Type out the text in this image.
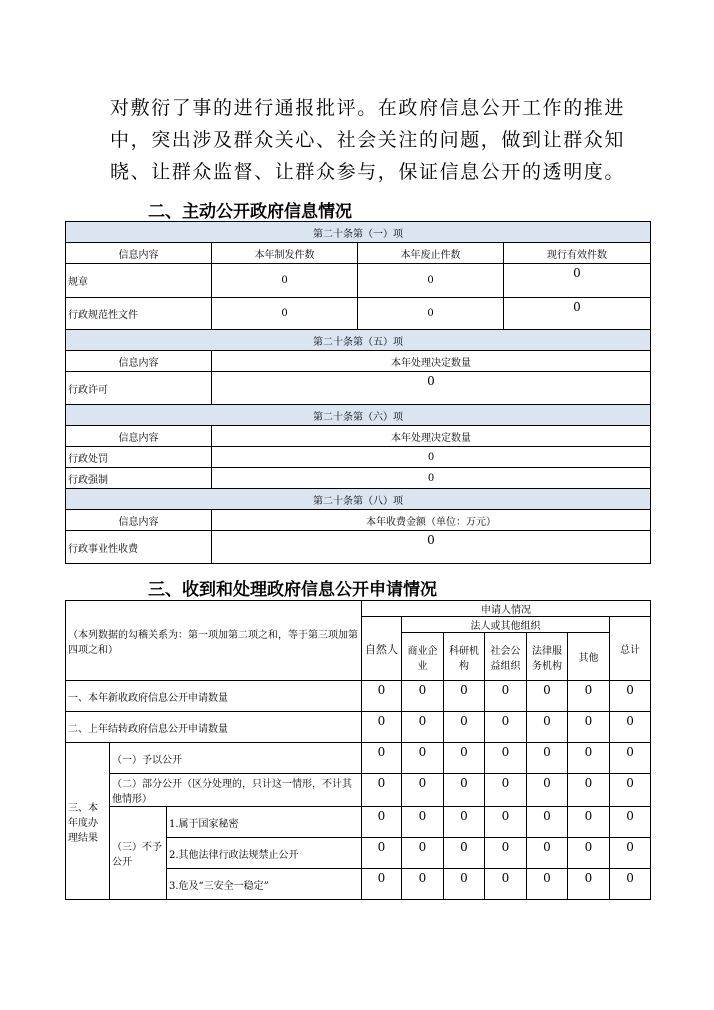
对敷衍了事的进行通报批评。在政府信息公开工作的推进
中，突出涉及群众关心、社会关注的问题，做到让群众知
晓、让群众监督、让群众参与，保证信息公开的透明度。
二、主动公开政府信息情况
第二十条第（一）项			
信息内容	本年制发件数	本年废止件数	现行有效件数
规章	0	0	0
行政规范性文件	0	0	0
第二十条第（五）项			
信息内容	本年处理决定数量		
行政许可	0		
第二十条第（六）项			
信息内容	本年处理决定数量		
行政处罚	0		
行政强制	0		
第二十条第（八）项			
信息内容	本年收费金额（单位：万元）		
行政事业性收费	0		
三、收到和处理政府信息公开申请情况
（本列数据的勾稽关系为：第一项加第二项之和，等于第三项加第四项之和）			申请人情况						
			自然人	法人或其他组织					总计
				商业企业	科研机构	社会公益组织	法律服务机构	其他	

一、本年新收政府信息公开申请数量			0	0	0	0	0	0	0
二、上年结转政府信息公开申请数量			0	0	0	0	0	0	0
三、本年度办理结果	（一）予以公开		0	0	0	0	0	0	0
	（二）部分公开（区分处理的，只计这一情形，不计其他情形）		0	0	0	0	0	0	0
	（三）不予公开	1.属于国家秘密	0	0	0	0	0	0	0
		2.其他法律行政法规禁止公开	0	0	0	0	0	0	0
		3.危及“三安全一稳定”	0	0	0	0	0	0	0
